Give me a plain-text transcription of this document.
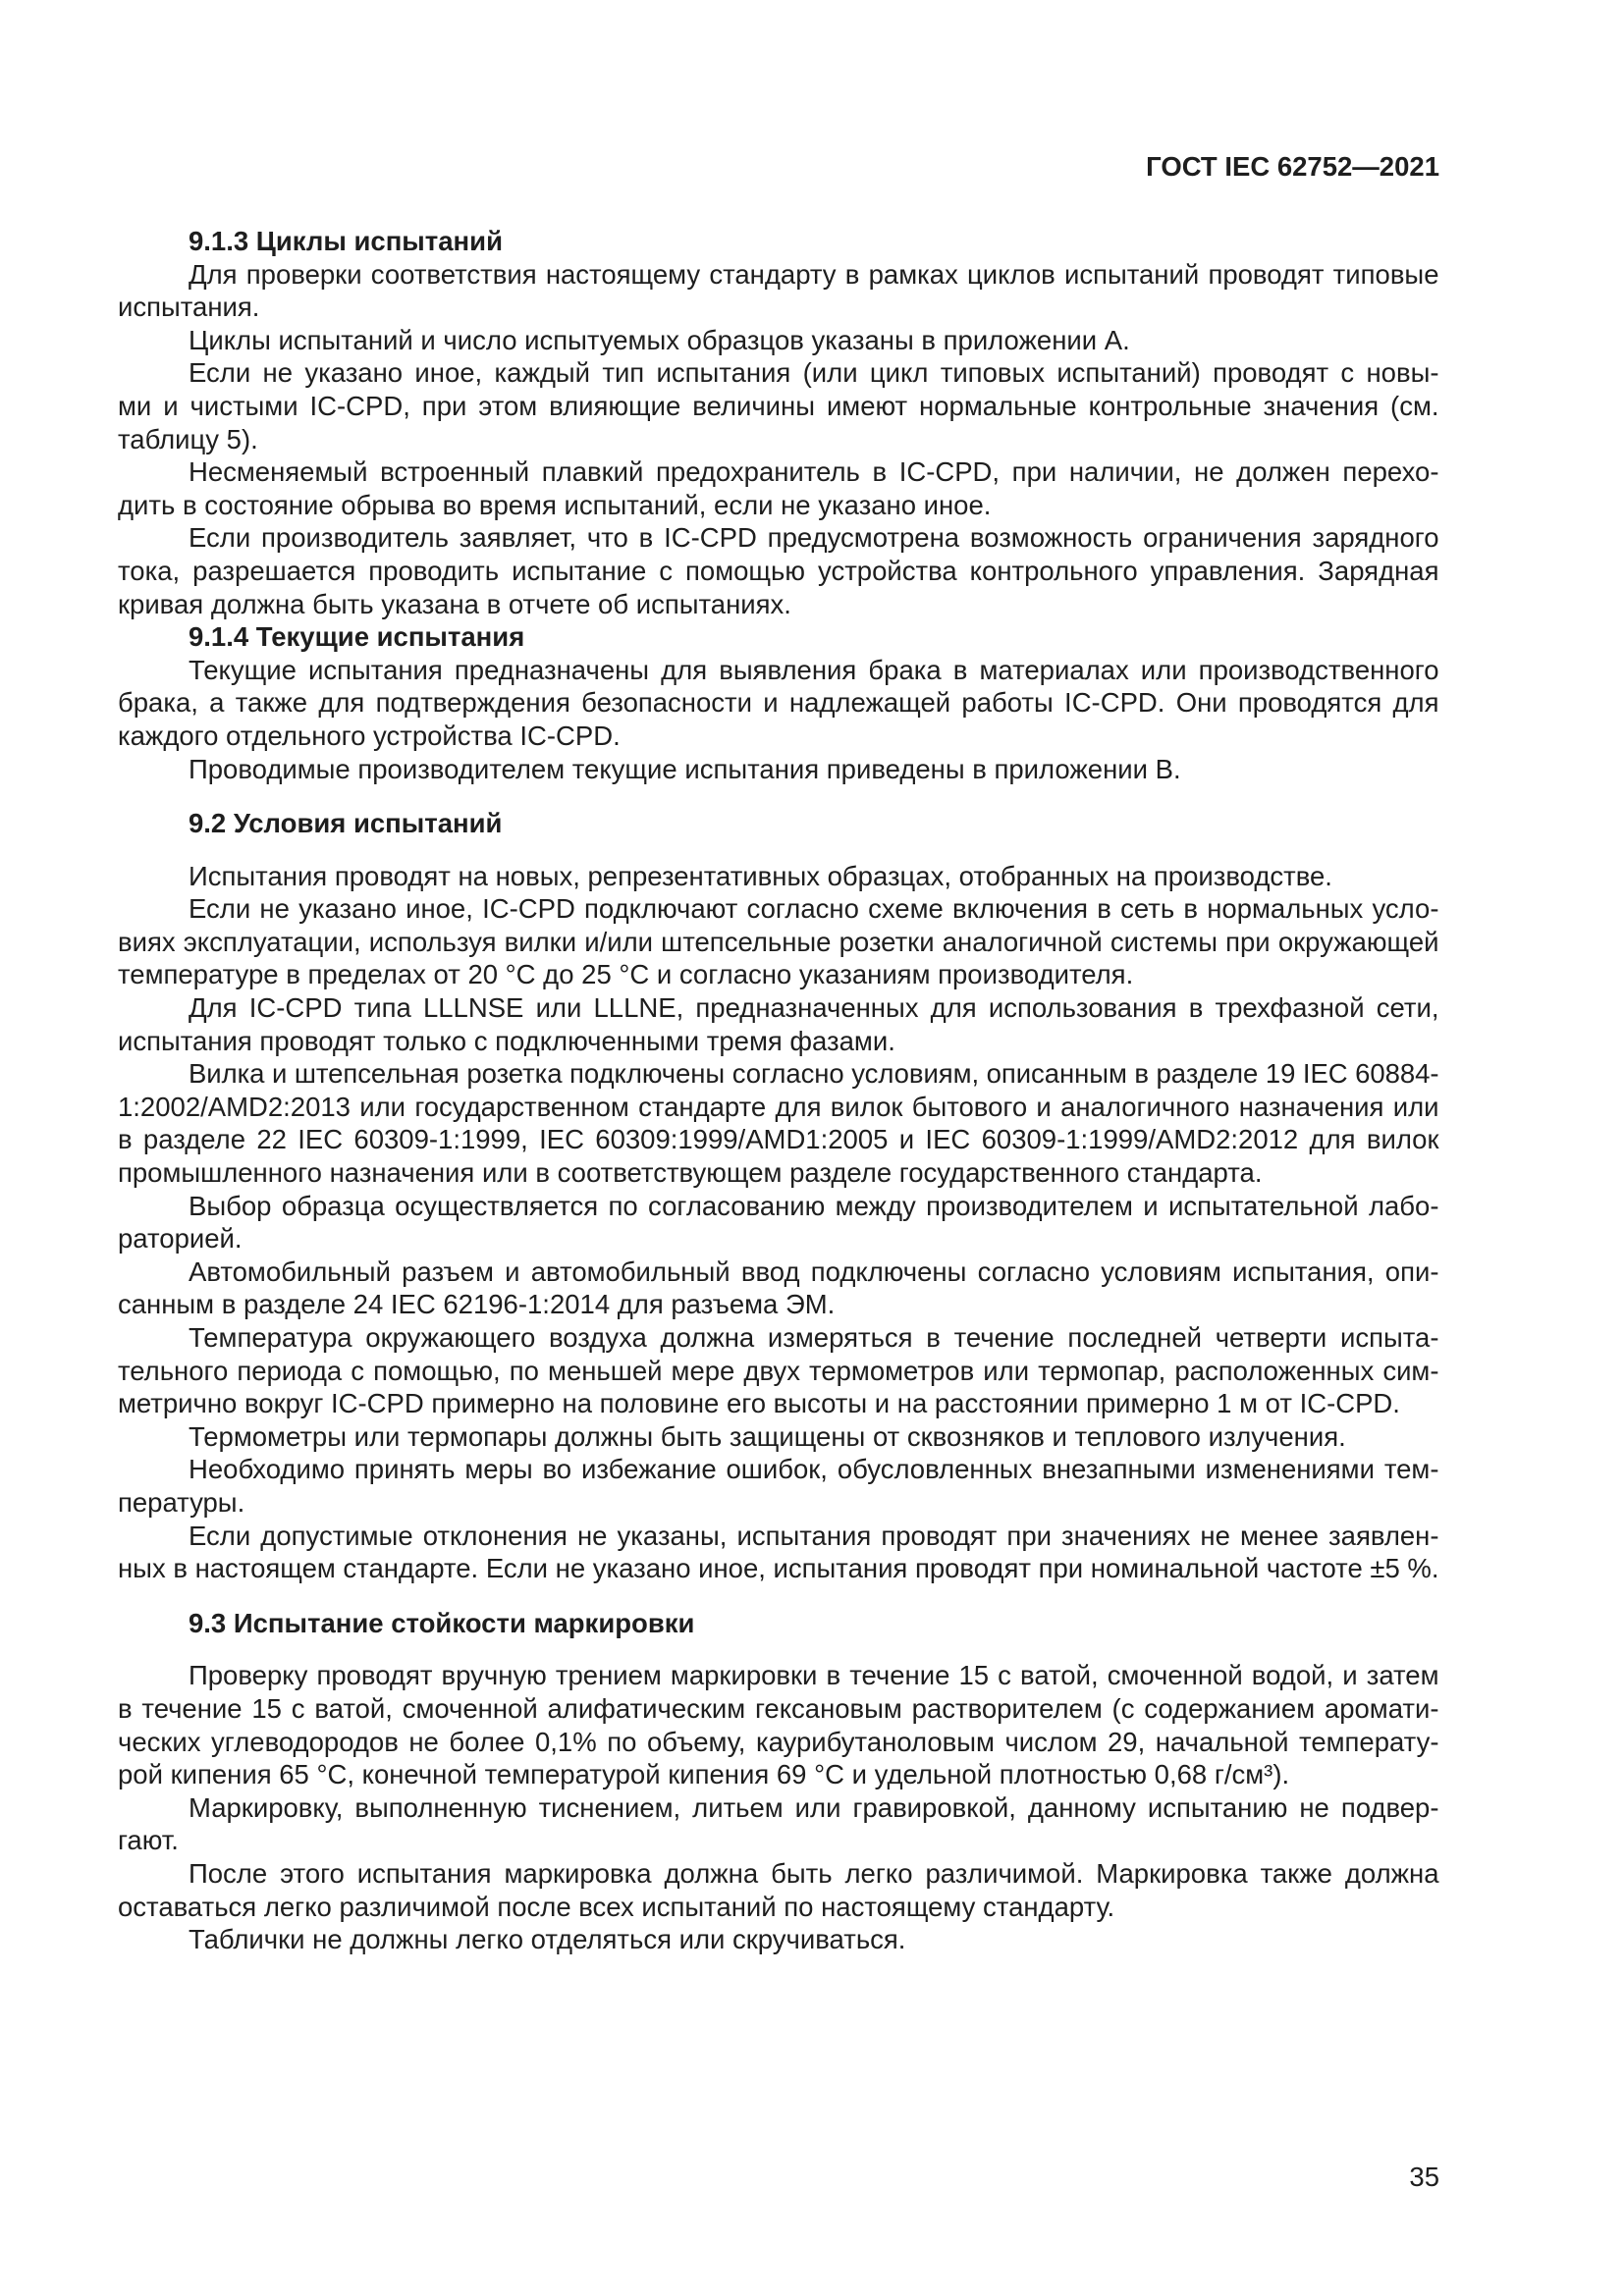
ГОСТ IEC 62752—2021
9.1.3 Циклы испытаний
Для проверки соответствия настоящему стандарту в рамках циклов испытаний проводят типовые
испытания.
Циклы испытаний и число испытуемых образцов указаны в приложении А.
Если не указано иное, каждый тип испытания (или цикл типовых испытаний) проводят с новы-
ми и чистыми IC-CPD, при этом влияющие величины имеют нормальные контрольные значения (см.
таблицу 5).
Несменяемый встроенный плавкий предохранитель в IC-CPD, при наличии, не должен перехо-
дить в состояние обрыва во время испытаний, если не указано иное.
Если производитель заявляет, что в IC-CPD предусмотрена возможность ограничения зарядного
тока, разрешается проводить испытание с помощью устройства контрольного управления. Зарядная
кривая должна быть указана в отчете об испытаниях.
9.1.4 Текущие испытания
Текущие испытания предназначены для выявления брака в материалах или производственного
брака, а также для подтверждения безопасности и надлежащей работы IC-CPD. Они проводятся для
каждого отдельного устройства IC-CPD.
Проводимые производителем текущие испытания приведены в приложении В.
9.2 Условия испытаний
Испытания проводят на новых, репрезентативных образцах, отобранных на производстве.
Если не указано иное, IC-CPD подключают согласно схеме включения в сеть в нормальных усло-
виях эксплуатации, используя вилки и/или штепсельные розетки аналогичной системы при окружающей
температуре в пределах от 20 °С до 25 °С и согласно указаниям производителя.
Для IC-CPD типа LLLNSE или LLLNE, предназначенных для использования в трехфазной сети,
испытания проводят только с подключенными тремя фазами.
Вилка и штепсельная розетка подключены согласно условиям, описанным в разделе 19 IEC 60884-
1:2002/AMD2:2013 или государственном стандарте для вилок бытового и аналогичного назначения или
в разделе 22 IEC 60309-1:1999, IEC 60309:1999/AMD1:2005 и IEC 60309-1:1999/AMD2:2012 для вилок
промышленного назначения или в соответствующем разделе государственного стандарта.
Выбор образца осуществляется по согласованию между производителем и испытательной лабо-
раторией.
Автомобильный разъем и автомобильный ввод подключены согласно условиям испытания, опи-
санным в разделе 24 IEC 62196-1:2014 для разъема ЭМ.
Температура окружающего воздуха должна измеряться в течение последней четверти испыта-
тельного периода с помощью, по меньшей мере двух термометров или термопар, расположенных сим-
метрично вокруг IC-CPD примерно на половине его высоты и на расстоянии примерно 1 м от IC-CPD.
Термометры или термопары должны быть защищены от сквозняков и теплового излучения.
Необходимо принять меры во избежание ошибок, обусловленных внезапными изменениями тем-
пературы.
Если допустимые отклонения не указаны, испытания проводят при значениях не менее заявлен-
ных в настоящем стандарте. Если не указано иное, испытания проводят при номинальной частоте ±5 %.
9.3 Испытание стойкости маркировки
Проверку проводят вручную трением маркировки в течение 15 с ватой, смоченной водой, и затем
в течение 15 с ватой, смоченной алифатическим гексановым растворителем (с содержанием аромати-
ческих углеводородов не более 0,1% по объему, каурибутаноловым числом 29, начальной температу-
рой кипения 65 °С, конечной температурой кипения 69 °С и удельной плотностью 0,68 г/см³).
Маркировку, выполненную тиснением, литьем или гравировкой, данному испытанию не подвер-
гают.
После этого испытания маркировка должна быть легко различимой. Маркировка также должна
оставаться легко различимой после всех испытаний по настоящему стандарту.
Таблички не должны легко отделяться или скручиваться.
35
